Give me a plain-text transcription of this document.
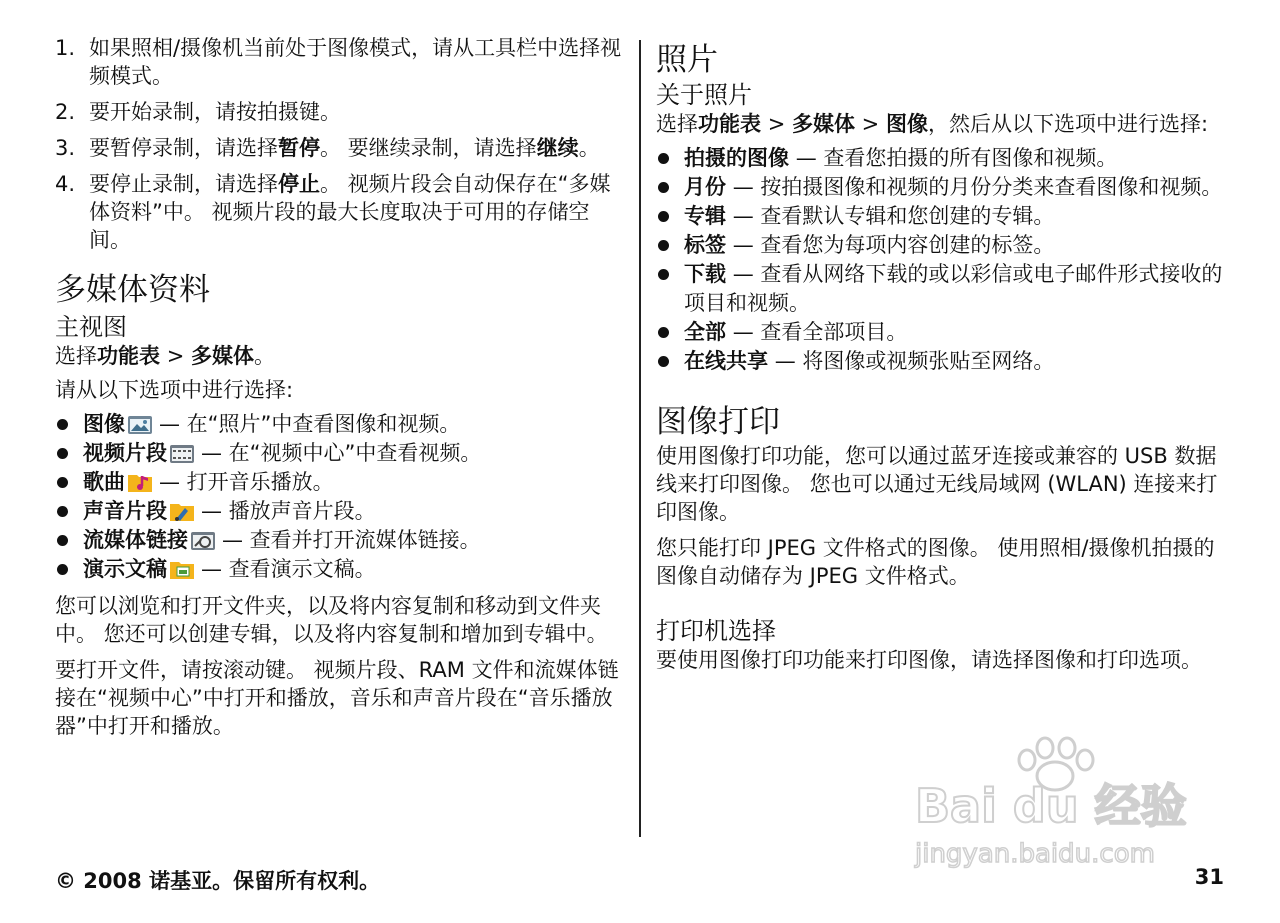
1. 如果照相/摄像机当前处于图像模式，请从工具栏中选择视频模式。
2. 要开始录制，请按拍摄键。
3. 要暂停录制，请选择暂停。 要继续录制，请选择继续。
4. 要停止录制，请选择停止。 视频片段会自动保存在“多媒体资料”中。 视频片段的最大长度取决于可用的存储空间。
多媒体资料
主视图

选择功能表 > 多媒体。

请从以下选项中进行选择:

图像 — 在“照片”中查看图像和视频。
视频片段 — 在“视频中心”中查看视频。
歌曲 — 打开音乐播放。
声音片段 — 播放声音片段。
流媒体链接 — 查看并打开流媒体链接。
演示文稿 — 查看演示文稿。

您可以浏览和打开文件夹，以及将内容复制和移动到文件夹中。 您还可以创建专辑，以及将内容复制和增加到专辑中。

要打开文件，请按滚动键。 视频片段、RAM 文件和流媒体链接在“视频中心”中打开和播放，音乐和声音片段在“音乐播放器”中打开和播放。

照片
关于照片

选择功能表 > 多媒体 > 图像，然后从以下选项中进行选择:

拍摄的图像 — 查看您拍摄的所有图像和视频。
月份 — 按拍摄图像和视频的月份分类来查看图像和视频。
专辑 — 查看默认专辑和您创建的专辑。
标签 — 查看您为每项内容创建的标签。
下载 — 查看从网络下载的或以彩信或电子邮件形式接收的项目和视频。
全部 — 查看全部项目。
在线共享 — 将图像或视频张贴至网络。
图像打印

使用图像打印功能，您可以通过蓝牙连接或兼容的 USB 数据线来打印图像。 您也可以通过无线局域网 (WLAN) 连接来打印图像。

您只能打印 JPEG 文件格式的图像。 使用照相/摄像机拍摄的图像自动储存为 JPEG 文件格式。

打印机选择

要使用图像打印功能来打印图像，请选择图像和打印选项。

Bai du 经验
jingyan.baidu.com
© 2008 诺基亚。保留所有权利。	31
